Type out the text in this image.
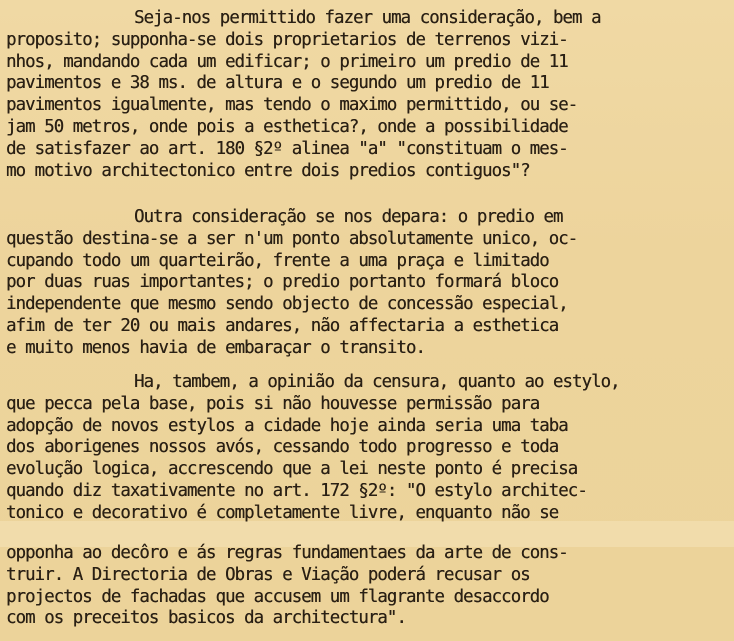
Seja-nos permittido fazer uma consideração, bem a
proposito; supponha-se dois proprietarios de terrenos vizi-
nhos, mandando cada um edificar; o primeiro um predio de 11
pavimentos e 38 ms. de altura e o segundo um predio de 11
pavimentos igualmente, mas tendo o maximo permittido, ou se-
jam 50 metros, onde pois a esthetica?, onde a possibilidade
de satisfazer ao art. 180 §2º alinea "a" "constituam o mes-
mo motivo architectonico entre dois predios contiguos"?
Outra consideração se nos depara: o predio em
questão destina-se a ser n'um ponto absolutamente unico, oc-
cupando todo um quarteirão, frente a uma praça e limitado
por duas ruas importantes; o predio portanto formará bloco
independente que mesmo sendo objecto de concessão especial,
afim de ter 20 ou mais andares, não affectaria a esthetica
e muito menos havia de embaraçar o transito.
Ha, tambem, a opinião da censura, quanto ao estylo,
que pecca pela base, pois si não houvesse permissão para
adopção de novos estylos a cidade hoje ainda seria uma taba
dos aborigenes nossos avós, cessando todo progresso e toda
evolução logica, accrescendo que a lei neste ponto é precisa
quando diz taxativamente no art. 172 §2º: "O estylo architec-
tonico e decorativo é completamente livre, enquanto não se
opponha ao decôro e ás regras fundamentaes da arte de cons-
truir. A Directoria de Obras e Viação poderá recusar os
projectos de fachadas que accusem um flagrante desaccordo
com os preceitos basicos da architectura".
